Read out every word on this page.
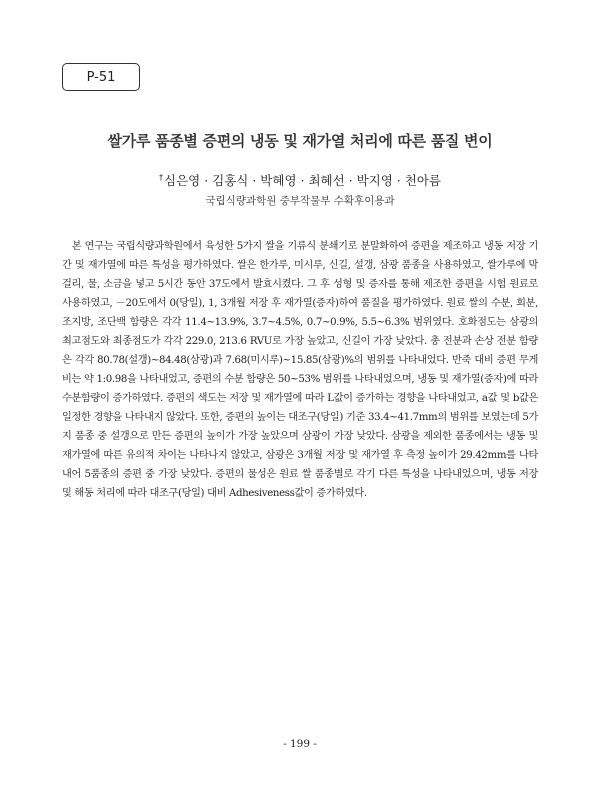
P-51
쌀가루 품종별 증편의 냉동 및 재가열 처리에 따른 품질 변이
†심은영 · 김홍식 · 박혜영 · 최혜선 · 박지영 · 천아름
국립식량과학원 중부작물부 수확후이용과

 본 연구는 국립식량과학원에서 육성한 5가지 쌀을 기류식 분쇄기로 분말화하여 증편을 제조하고 냉동 저장 기간 및 재가열에 따른 특성을 평가하였다. 쌀은 한가루, 미시루, 신길, 설갱, 삼광 품종을 사용하였고, 쌀가루에 막걸리, 물, 소금을 넣고 5시간 동안 37도에서 발효시켰다. 그 후 성형 및 증자를 통해 제조한 증편을 시험 원료로 사용하였고, －20도에서 0(당일), 1, 3개월 저장 후 재가열(증자)하여 품질을 평가하였다. 원료 쌀의 수분, 회분, 조지방, 조단백 함량은 각각 11.4~13.9%, 3.7~4.5%, 0.7~0.9%, 5.5~6.3% 범위였다. 호화점도는 삼광의 최고점도와 최종점도가 각각 229.0, 213.6 RVU로 가장 높았고, 신길이 가장 낮았다. 총 전분과 손상 전분 함량은 각각 80.78(설갱)~84.48(삼광)과 7.68(미시루)~15.85(삼광)%의 범위를 나타내었다. 반죽 대비 증편 무게비는 약 1:0.98을 나타내었고, 증편의 수분 함량은 50~53% 범위를 나타내었으며, 냉동 및 재가열(증자)에 따라 수분함량이 증가하였다. 증편의 색도는 저장 및 재가열에 따라 L값이 증가하는 경향을 나타내었고, a값 및 b값은 일정한 경향을 나타내지 않았다. 또한, 증편의 높이는 대조구(당일) 기준 33.4~41.7mm의 범위를 보였는데 5가지 품종 중 설갱으로 만든 증편의 높이가 가장 높았으며 삼광이 가장 낮았다. 삼광을 제외한 품종에서는 냉동 및 재가열에 따른 유의적 차이는 나타나지 않았고, 삼광은 3개월 저장 및 재가열 후 측정 높이가 29.42mm를 나타내어 5품종의 증편 중 가장 낮았다. 증편의 물성은 원료 쌀 품종별로 각기 다른 특성을 나타내었으며, 냉동 저장 및 해동 처리에 따라 대조구(당일) 대비 Adhesiveness값이 증가하였다.

- 199 -
